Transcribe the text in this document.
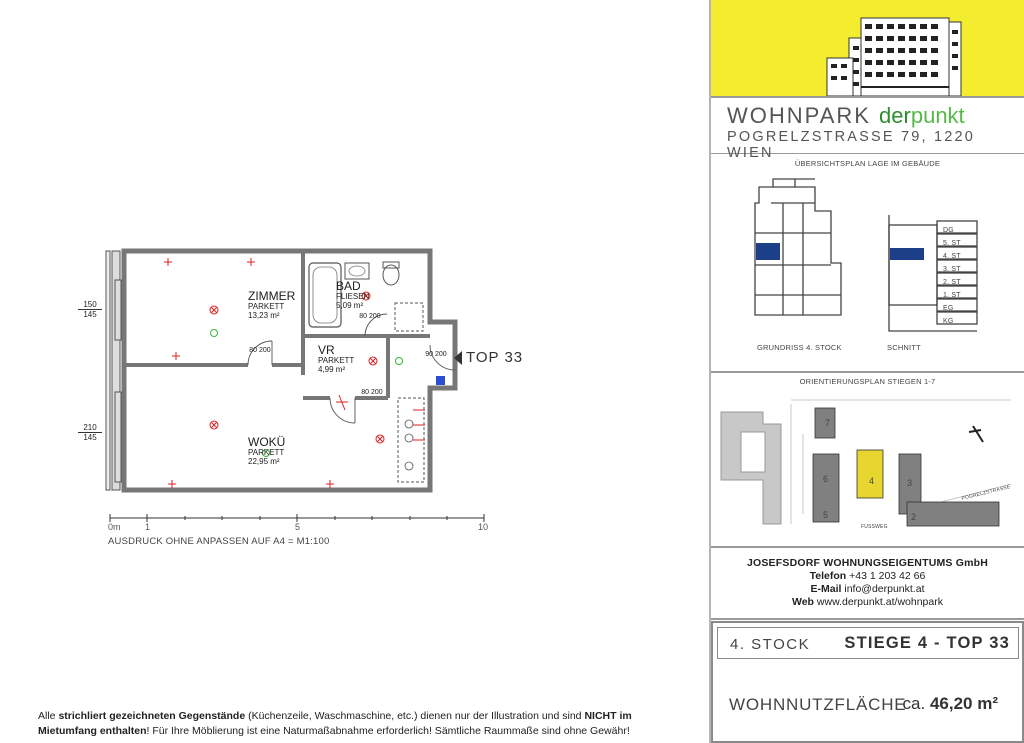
ZIMMER
PARKETT
13,23 m²
BAD
FLIESEN
5,09 m²
VR
PARKETT
4,99 m²
WOKÜ
PARKETT
22,95 m²
80 200
80 200
90 200
80 200
TOP 33
150
145
210
145
0m	1	5	10
AUSDRUCK OHNE ANPASSEN AUF A4 = M1:100
Alle strichliert gezeichneten Gegenstände (Küchenzeile, Waschmaschine, etc.) dienen nur der Illustration und sind NICHT im Mietumfang enthalten! Für Ihre Möblierung ist eine Naturmaßabnahme erforderlich! Sämtliche Raummaße sind ohne Gewähr!
WOHNPARK derpunkt
POGRELZSTRASSE 79, 1220 WIEN
ÜBERSICHTSPLAN LAGE IM GEBÄUDE
DG
5. ST
4. ST
3. ST
2. ST
1. ST
EG
KG
GRUNDRISS 4. STOCK	SCHNITT
ORIENTIERUNGSPLAN STIEGEN 1-7
7
6
5
4	3
2
POGRELZSTRASSE
FUSSWEG
JOSEFSDORF WOHNUNGSEIGENTUMS GmbH
Telefon +43 1 203 42 66
E-Mail info@derpunkt.at
Web www.derpunkt.at/wohnpark
4. STOCK STIEGE 4 - TOP 33
WOHNNUTZFLÄCHE
ca. 46,20 m²
